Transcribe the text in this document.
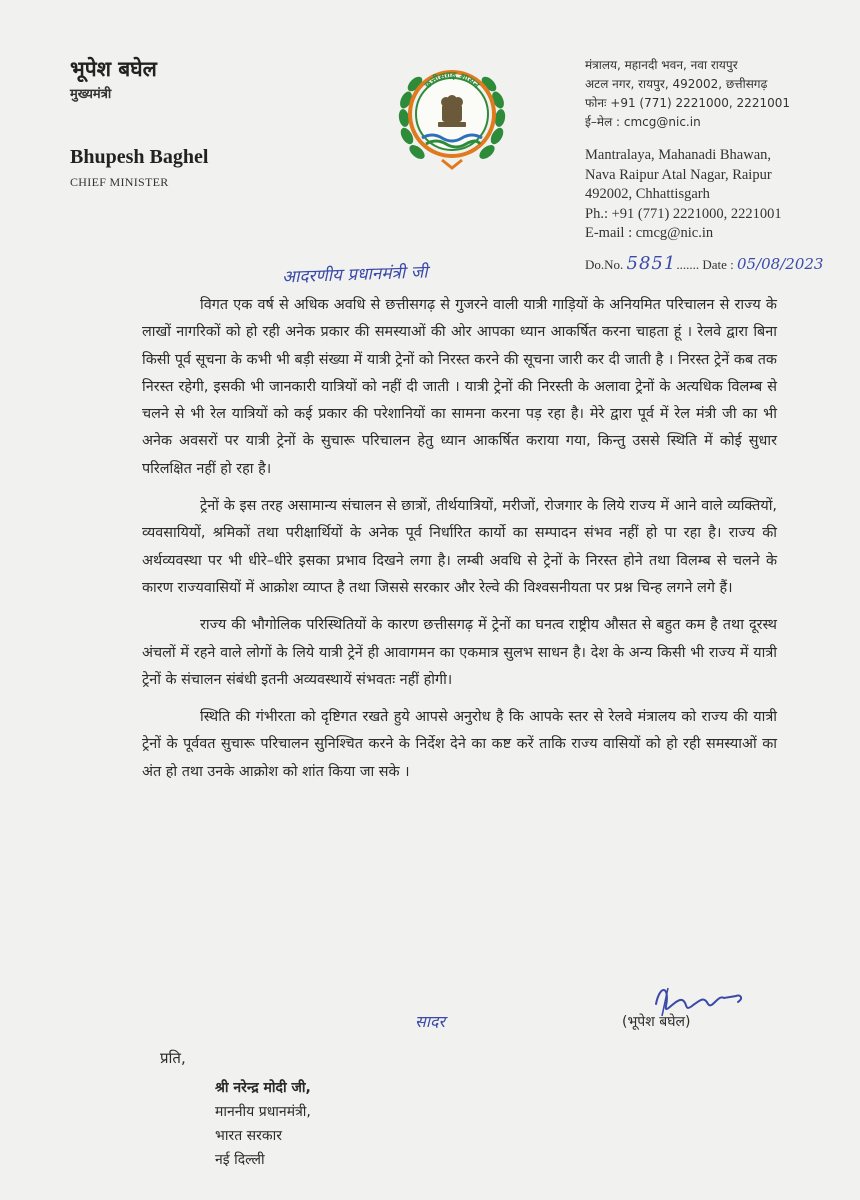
भूपेश बघेल
मुख्यमंत्री
Bhupesh Baghel
CHIEF MINISTER
छत्तीसगढ़ शासन
मंत्रालय, महानदी भवन, नवा रायपुर
अटल नगर, रायपुर, 492002, छत्तीसगढ़
फोनः +91 (771) 2221000, 2221001
ई–मेल : cmcg@nic.in
Mantralaya, Mahanadi Bhawan,
Nava Raipur Atal Nagar, Raipur
492002, Chhattisgarh
Ph.: +91 (771) 2221000, 2221001
E-mail : cmcg@nic.in
Do.No. 5851....... Date : 05/08/2023
आदरणीय प्रधानमंत्री जी

विगत एक वर्ष से अधिक अवधि से छत्तीसगढ़ से गुजरने वाली यात्री गाड़ियों के अनियमित परिचालन से राज्य के लाखों नागरिकों को हो रही अनेक प्रकार की समस्याओं की ओर आपका ध्यान आकर्षित करना चाहता हूं । रेलवे द्वारा बिना किसी पूर्व सूचना के कभी भी बड़ी संख्या में यात्री ट्रेनों को निरस्त करने की सूचना जारी कर दी जाती है । निरस्त ट्रेनें कब तक निरस्त रहेगी, इसकी भी जानकारी यात्रियों को नहीं दी जाती । यात्री ट्रेनों की निरस्ती के अलावा ट्रेनों के अत्यधिक विलम्ब से चलने से भी रेल यात्रियों को कई प्रकार की परेशानियों का सामना करना पड़ रहा है। मेरे द्वारा पूर्व में रेल मंत्री जी का भी अनेक अवसरों पर यात्री ट्रेनों के सुचारू परिचालन हेतु ध्यान आकर्षित कराया गया, किन्तु उससे स्थिति में कोई सुधार परिलक्षित नहीं हो रहा है।

ट्रेनों के इस तरह असामान्य संचालन से छात्रों, तीर्थयात्रियों, मरीजों, रोजगार के लिये राज्य में आने वाले व्यक्तियों, व्यवसायियों, श्रमिकों तथा परीक्षार्थियों के अनेक पूर्व निर्धारित कार्यो का सम्पादन संभव नहीं हो पा रहा है। राज्य की अर्थव्यवस्था पर भी धीरे–धीरे इसका प्रभाव दिखने लगा है। लम्बी अवधि से ट्रेनों के निरस्त होने तथा विलम्ब से चलने के कारण राज्यवासियों में आक्रोश व्याप्त है तथा जिससे सरकार और रेल्वे की विश्वसनीयता पर प्रश्न चिन्ह लगने लगे हैं।

राज्य की भौगोलिक परिस्थितियों के कारण छत्तीसगढ़ में ट्रेनों का घनत्व राष्ट्रीय औसत से बहुत कम है तथा दूरस्थ अंचलों में रहने वाले लोगों के लिये यात्री ट्रेनें ही आवागमन का एकमात्र सुलभ साधन है। देश के अन्य किसी भी राज्य में यात्री ट्रेनों के संचालन संबंधी इतनी अव्यवस्थायें संभवतः नहीं होगी।

स्थिति की गंभीरता को दृष्टिगत रखते हुये आपसे अनुरोध है कि आपके स्तर से रेलवे मंत्रालय को राज्य की यात्री ट्रेनों के पूर्ववत सुचारू परिचालन सुनिश्चित करने के निर्देश देने का कष्ट करें ताकि राज्य वासियों को हो रही समस्याओं का अंत हो तथा उनके आक्रोश को शांत किया जा सके ।

सादर	(भूपेश बघेल)
प्रति,
श्री नरेन्द्र मोदी जी,
माननीय प्रधानमंत्री,
भारत सरकार
नई दिल्ली
